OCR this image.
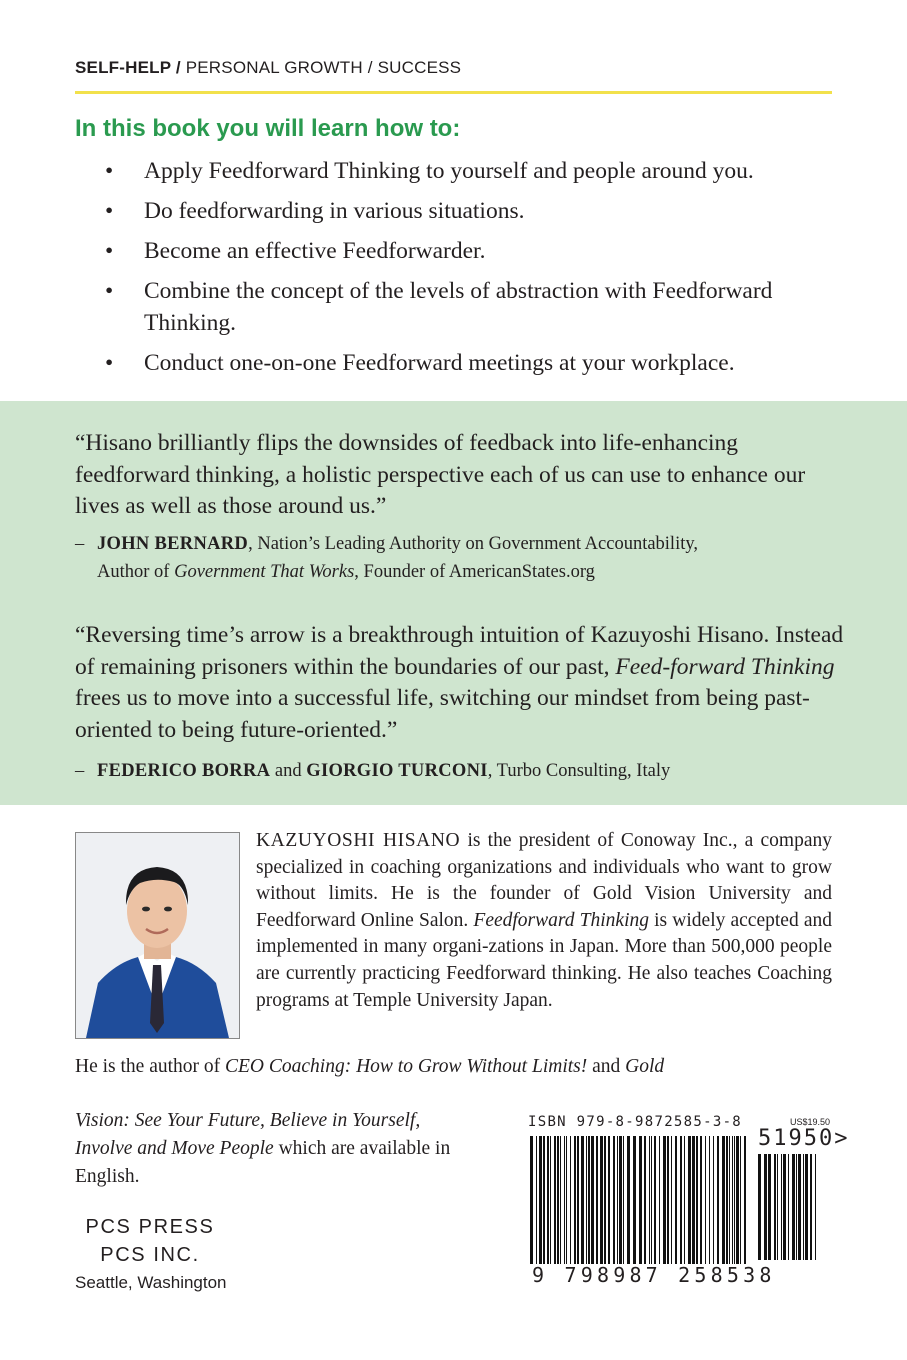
SELF-HELP / PERSONAL GROWTH / SUCCESS
In this book you will learn how to:
• Apply Feedforward Thinking to yourself and people around you.
• Do feedforwarding in various situations.
• Become an effective Feedforwarder.
• Combine the concept of the levels of abstraction with Feedforward Thinking.
• Conduct one-on-one Feedforward meetings at your workplace.
“Hisano brilliantly flips the downsides of feedback into life-enhancing feedforward thinking, a holistic perspective each of us can use to enhance our lives as well as those around us.”
– JOHN BERNARD, Nation’s Leading Authority on Government Accountability,
Author of Government That Works, Founder of AmericanStates.org
“Reversing time’s arrow is a breakthrough intuition of Kazuyoshi Hisano. Instead of remaining prisoners within the boundaries of our past, Feed-forward Thinking frees us to move into a successful life, switching our mindset from being past-oriented to being future-oriented.”
– FEDERICO BORRA and GIORGIO TURCONI, Turbo Consulting, Italy
KAZUYOSHI HISANO is the president of Conoway Inc., a company specialized in coaching organizations and individuals who want to grow without limits. He is the founder of Gold Vision University and Feedforward Online Salon. Feedforward Thinking is widely accepted and implemented in many organi-zations in Japan. More than 500,000 people are currently practicing Feedforward thinking. He also teaches Coaching programs at Temple University Japan.
He is the author of CEO Coaching: How to Grow Without Limits! and Gold
Vision: See Your Future, Believe in Yourself,
Involve and Move People which are available in English.
PCS PRESS
PCS INC.
Seattle, Washington
ISBN 979-8-9872585-3-8	US$19.50
51950>
9 798987 258538
